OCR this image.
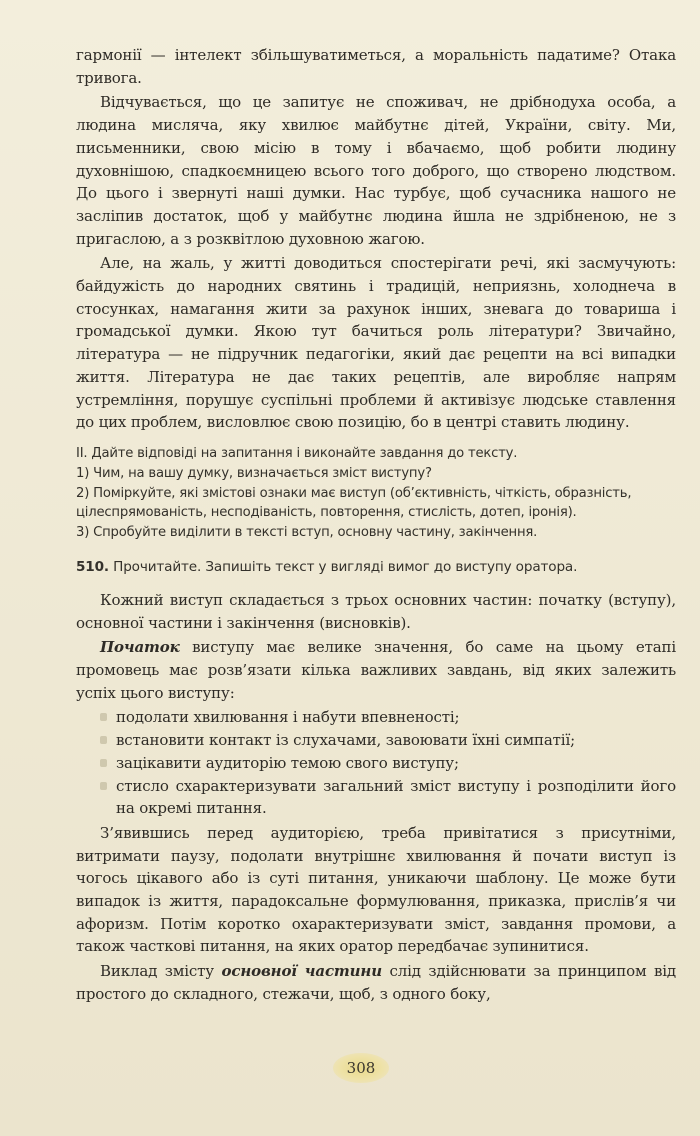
гармонії — інтелект збільшуватиметься, а моральність падатиме? Отака тривога.

Відчувається, що це запитує не споживач, не дрібнодуха особа, а людина мисляча, яку хвилює майбутнє дітей, України, світу. Ми, письменники, свою місію в тому і вбачаємо, щоб робити людину духовнішою, спадкоємницею всього того доброго, що створено людством. До цього і звернуті наші думки. Нас турбує, щоб сучасника нашого не засліпив достаток, щоб у майбутнє людина йшла не здрібненою, не з пригаслою, а з розквітлою духовною жагою.

Але, на жаль, у житті доводиться спостерігати речі, які засмучують: байдужість до народних святинь і традицій, неприязнь, холоднеча в стосунках, намагання жити за рахунок інших, зневага до товариша і громадської думки. Якою тут бачиться роль літератури? Звичайно, література — не підручник педагогіки, який дає рецепти на всі випадки життя. Література не дає таких рецептів, але виробляє напрям устремління, порушує суспільні проблеми й активізує людське ставлення до цих проблем, висловлює свою позицію, бо в центрі ставить людину.

II. Дайте відповіді на запитання і виконайте завдання до тексту.
1) Чим, на вашу думку, визначається зміст виступу?
2) Поміркуйте, які змістові ознаки має виступ (об’єктивність, чіткість, образність, цілеспрямованість, несподіваність, повторення, стислість, дотеп, іронія).
3) Спробуйте виділити в тексті вступ, основну частину, закінчення.
510. Прочитайте. Запишіть текст у вигляді вимог до виступу оратора.

Кожний виступ складається з трьох основних частин: початку (вступу), основної частини і закінчення (висновків).

Початок виступу має велике значення, бо саме на цьому етапі промовець має розв’язати кілька важливих завдань, від яких залежить успіх цього виступу:

подолати хвилювання і набути впевненості;
встановити контакт із слухачами, завоювати їхні симпатії;
зацікавити аудиторію темою свого виступу;
стисло схарактеризувати загальний зміст виступу і розподілити його на окремі питання.

З’явившись перед аудиторією, треба привітатися з присутніми, витримати паузу, подолати внутрішнє хвилювання й почати виступ із чогось цікавого або із суті питання, уникаючи шаблону. Це може бути випадок із життя, парадоксальне формулювання, приказка, прислів’я чи афоризм. Потім коротко охарактеризувати зміст, завдання промови, а також часткові питання, на яких оратор передбачає зупинитися.

Виклад змісту основної частини слід здійснювати за принципом від простого до складного, стежачи, щоб, з одного боку,

308
